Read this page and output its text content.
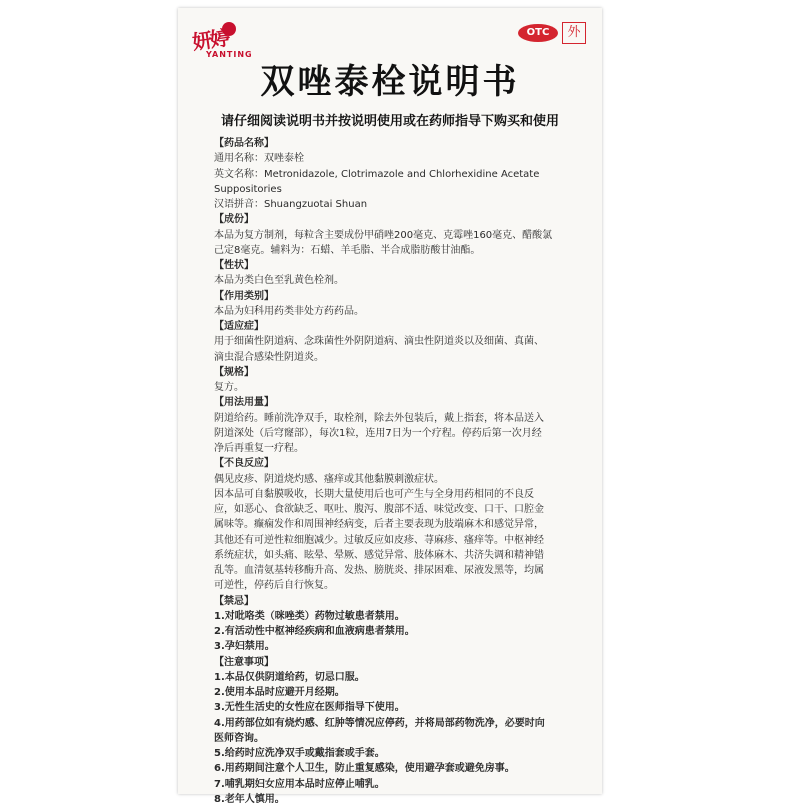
妍婷
YANTING
OTC	外
双唑泰栓说明书
请仔细阅读说明书并按说明使用或在药师指导下购买和使用

【药品名称】

通用名称：双唑泰栓

英文名称：Metronidazole, Clotrimazole and Chlorhexidine Acetate

Suppositories

汉语拼音：Shuangzuotai Shuan

【成份】

本品为复方制剂，每粒含主要成份甲硝唑200毫克、克霉唑160毫克、醋酸氯

己定8毫克。辅料为：石蜡、羊毛脂、半合成脂肪酸甘油酯。

【性状】

本品为类白色至乳黄色栓剂。

【作用类别】

本品为妇科用药类非处方药药品。

【适应症】

用于细菌性阴道病、念珠菌性外阴阴道病、滴虫性阴道炎以及细菌、真菌、

滴虫混合感染性阴道炎。

【规格】

复方。

【用法用量】

阴道给药。睡前洗净双手，取栓剂，除去外包装后，戴上指套，将本品送入

阴道深处（后穹窿部），每次1粒，连用7日为一个疗程。停药后第一次月经

净后再重复一疗程。

【不良反应】

偶见皮疹、阴道烧灼感、瘙痒或其他黏膜刺激症状。

因本品可自黏膜吸收，长期大量使用后也可产生与全身用药相同的不良反

应，如恶心、食欲缺乏、呕吐、腹泻、腹部不适、味觉改变、口干、口腔金

属味等。癫痫发作和周围神经病变，后者主要表现为肢端麻木和感觉异常，

其他还有可逆性粒细胞减少。过敏反应如皮疹、荨麻疹、瘙痒等。中枢神经

系统症状，如头痛、眩晕、晕厥、感觉异常、肢体麻木、共济失调和精神错

乱等。血清氨基转移酶升高、发热、膀胱炎、排尿困难、尿液发黑等，均属

可逆性，停药后自行恢复。

【禁忌】

1.对吡咯类（咪唑类）药物过敏患者禁用。

2.有活动性中枢神经疾病和血液病患者禁用。

3.孕妇禁用。

【注意事项】

1.本品仅供阴道给药，切忌口服。

2.使用本品时应避开月经期。

3.无性生活史的女性应在医师指导下使用。

4.用药部位如有烧灼感、红肿等情况应停药，并将局部药物洗净，必要时向

医师咨询。

5.给药时应洗净双手或戴指套或手套。

6.用药期间注意个人卫生，防止重复感染，使用避孕套或避免房事。

7.哺乳期妇女应用本品时应停止哺乳。

8.老年人慎用。
